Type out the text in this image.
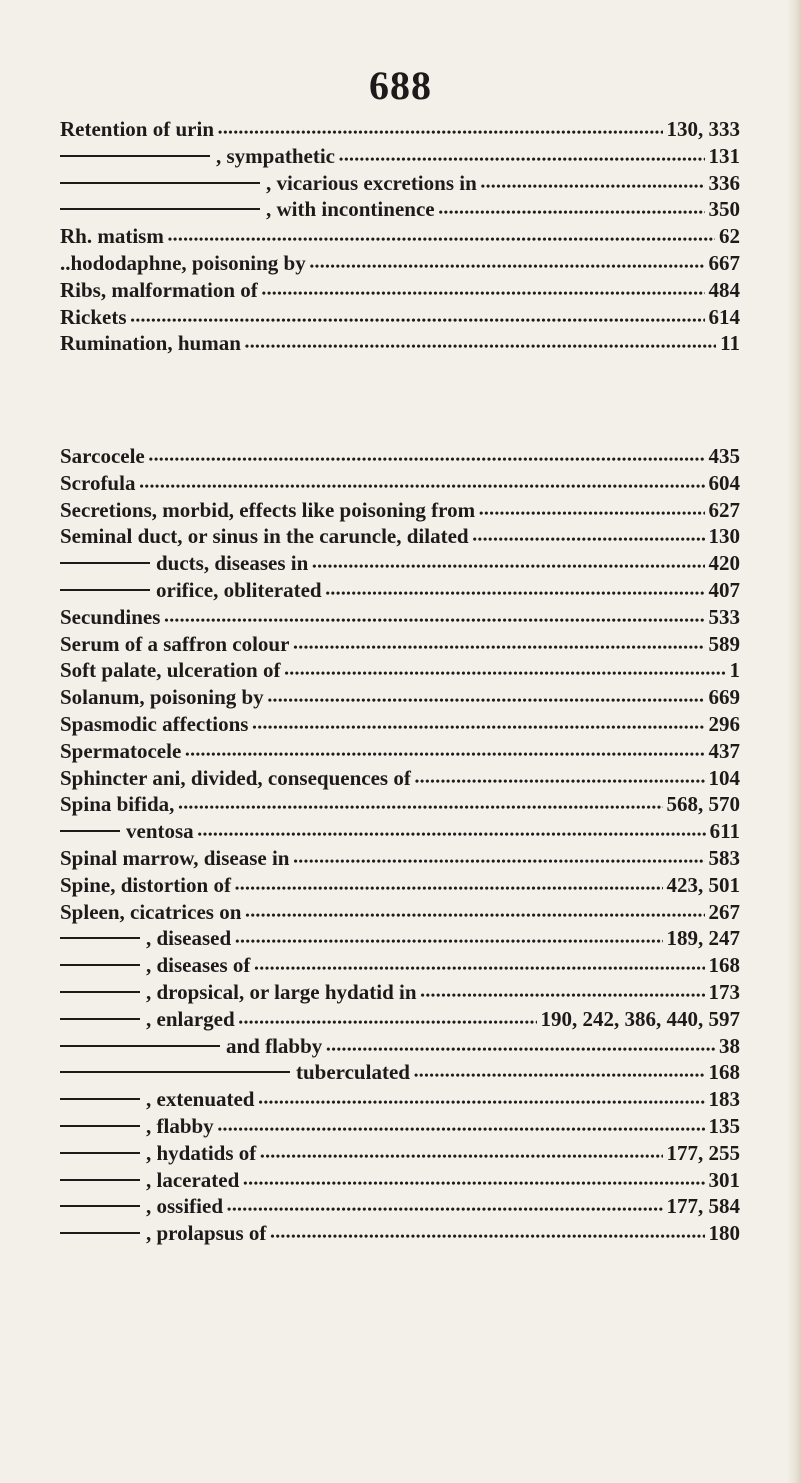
688
Retention of urin •••••	130, 333
, sympathetic •••••	131
, vicarious excretions in •••••	336
, with incontinence •••••	350
Rh. matism •••••	62
..hododaphne, poisoning by •••••	667
Ribs, malformation of •••••	484
Rickets •••••	614
Rumination, human •••••	11
Sarcocele •••••	435
Scrofula •••••	604
Secretions, morbid, effects like poisoning from •••••	627
Seminal duct, or sinus in the caruncle, dilated •••••	130
ducts, diseases in •••••	420
orifice, obliterated •••••	407
Secundines •••••	533
Serum of a saffron colour •••••	589
Soft palate, ulceration of •••••	1
Solanum, poisoning by •••••	669
Spasmodic affections •••••	296
Spermatocele •••••	437
Sphincter ani, divided, consequences of •••••	104
Spina bifida, •••••	568, 570
ventosa •••••	611
Spinal marrow, disease in •••••	583
Spine, distortion of •••••	423, 501
Spleen, cicatrices on •••••	267
, diseased •••••	189, 247
, diseases of •••••	168
, dropsical, or large hydatid in •••••	173
, enlarged •••••	190, 242, 386, 440, 597
and flabby •••••	38
tuberculated •••••	168
, extenuated •••••	183
, flabby •••••	135
, hydatids of •••••	177, 255
, lacerated •••••	301
, ossified •••••	177, 584
, prolapsus of •••••	180
